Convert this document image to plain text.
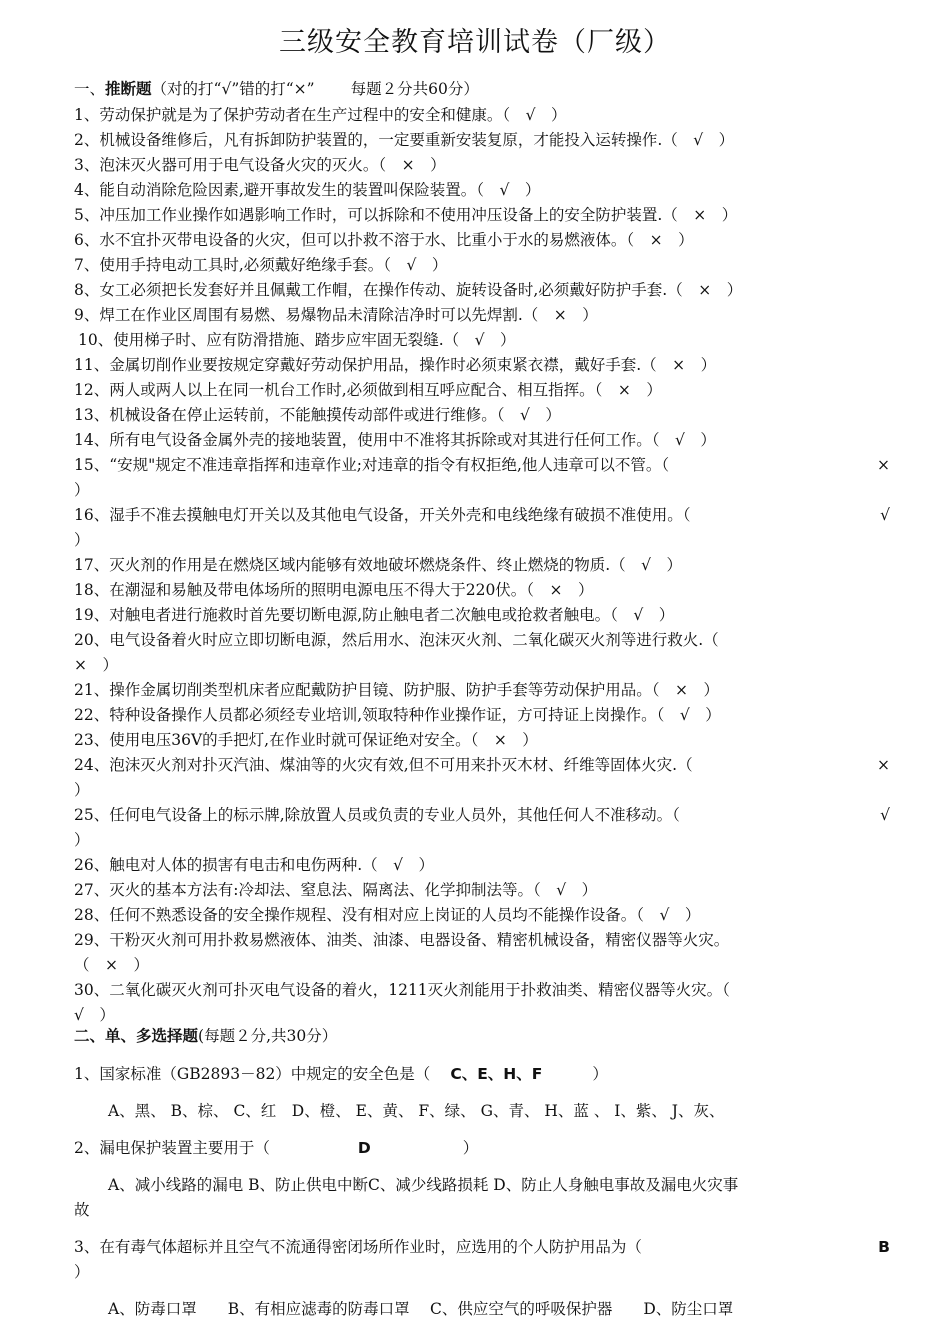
三级安全教育培训试卷（厂级）
一、推断题（对的打“√”错的打“×” 每题２分共60分）
1、劳动保护就是为了保护劳动者在生产过程中的安全和健康。（　√　）
2、机械设备维修后，凡有拆卸防护装置的，一定要重新安装复原，才能投入运转操作.（　√　）
3、泡沫灭火器可用于电气设备火灾的灭火。（　×　）
4、能自动消除危险因素,避开事故发生的装置叫保险装置。（　√　）
5、冲压加工作业操作如遇影响工作时，可以拆除和不使用冲压设备上的安全防护装置.（　×　）
6、水不宜扑灭带电设备的火灾，但可以扑救不溶于水、比重小于水的易燃液体。（　×　）
7、使用手持电动工具时,必须戴好绝缘手套。（　√　）
8、女工必须把长发套好并且佩戴工作帽，在操作传动、旋转设备时,必须戴好防护手套.（　×　）
9、焊工在作业区周围有易燃、易爆物品未清除洁净时可以先焊割.（　×　）
10、使用梯子时、应有防滑措施、踏步应牢固无裂缝.（　√　）
11、金属切削作业要按规定穿戴好劳动保护用品，操作时必须束紧衣襟，戴好手套.（　×　）
12、两人或两人以上在同一机台工作时,必须做到相互呼应配合、相互指挥。（　×　）
13、机械设备在停止运转前，不能触摸传动部件或进行维修。（　√　）
14、所有电气设备金属外壳的接地装置，使用中不准将其拆除或对其进行任何工作。（　√　）
15、“安规"规定不准违章指挥和违章作业;对违章的指令有权拒绝,他人违章可以不管。（	×
）
16、湿手不准去摸触电灯开关以及其他电气设备，开关外壳和电线绝缘有破损不准使用。（	√
）
17、灭火剂的作用是在燃烧区域内能够有效地破坏燃烧条件、终止燃烧的物质.（　√　）
18、在潮湿和易触及带电体场所的照明电源电压不得大于220伏。（　×　）
19、对触电者进行施救时首先要切断电源,防止触电者二次触电或抢救者触电。（　√　）
20、电气设备着火时应立即切断电源，然后用水、泡沫灭火剂、二氧化碳灭火剂等进行救火.（
×　）
21、操作金属切削类型机床者应配戴防护目镜、防护服、防护手套等劳动保护用品。（　×　）
22、特种设备操作人员都必须经专业培训,领取特种作业操作证，方可持证上岗操作。（　√　）
23、使用电压36V的手把灯,在作业时就可保证绝对安全。（　×　）
24、泡沫灭火剂对扑灭汽油、煤油等的火灾有效,但不可用来扑灭木材、纤维等固体火灾.（	×
）
25、任何电气设备上的标示牌,除放置人员或负责的专业人员外，其他任何人不准移动。（	√
）
26、触电对人体的损害有电击和电伤两种.（　√　）
27、灭火的基本方法有:冷却法、窒息法、隔离法、化学抑制法等。（　√　）
28、任何不熟悉设备的安全操作规程、没有相对应上岗证的人员均不能操作设备。（　√　）
29、干粉灭火剂可用扑救易燃液体、油类、油漆、电器设备、精密机械设备，精密仪器等火灾。
（　×　）
30、二氧化碳灭火剂可扑灭电气设备的着火，1211灭火剂能用于扑救油类、精密仪器等火灾。（
√　）
二、单、多选择题(每题２分,共30分）
1、国家标准（GB2893－82）中规定的安全色是（ C、E、H、F	）
A、黑、 B、棕、 C、红　D、橙、 E、黄、 F、绿、 G、青、 H、蓝 、 I、紫、 J、灰、
2、漏电保护装置主要用于（	D	）
A、减小线路的漏电 B、防止供电中断C、减少线路损耗 D、防止人身触电事故及漏电火灾事
故
3、在有毒气体超标并且空气不流通得密闭场所作业时，应选用的个人防护用品为（	B
）
A、防毒口罩　　B、有相应滤毒的防毒口罩　 C、供应空气的呼吸保护器　　D、防尘口罩
